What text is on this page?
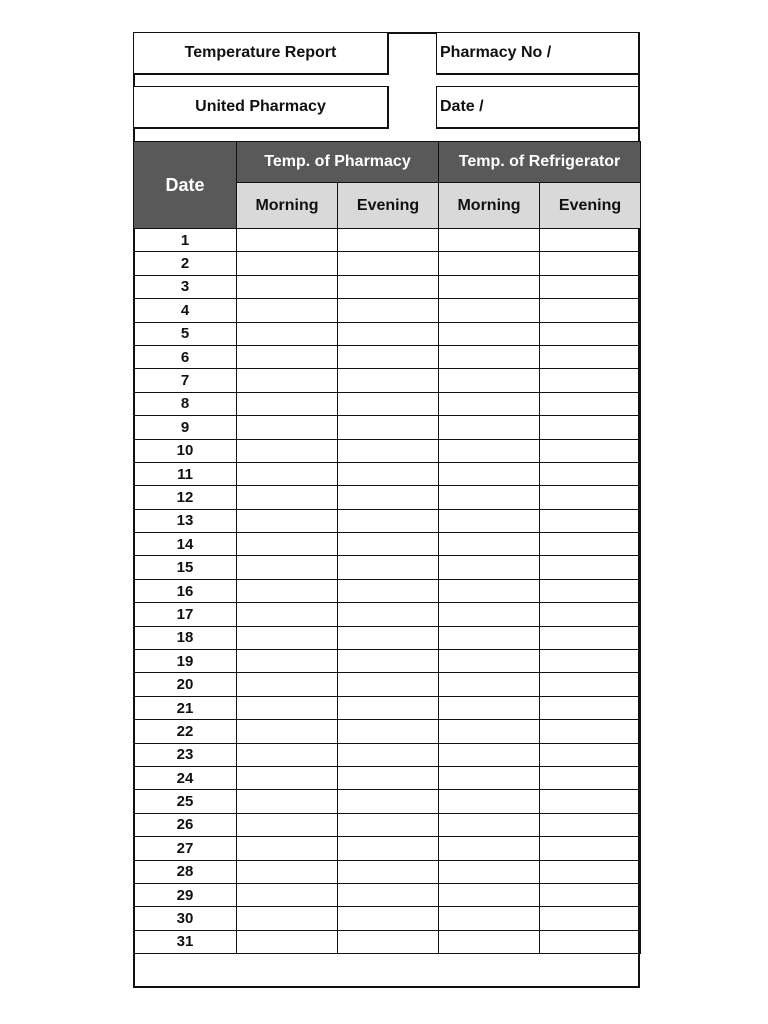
Temperature Report
United Pharmacy
Pharmacy No /
Date /
Date	Temp. of Pharmacy		Temp. of Refrigerator	
	Morning	Evening	Morning	Evening
1				
2				
3				
4				
5				
6				
7				
8				
9				
10				
11				
12				
13				
14				
15				
16				
17				
18				
19				
20				
21				
22				
23				
24				
25				
26				
27				
28				
29				
30				
31				
